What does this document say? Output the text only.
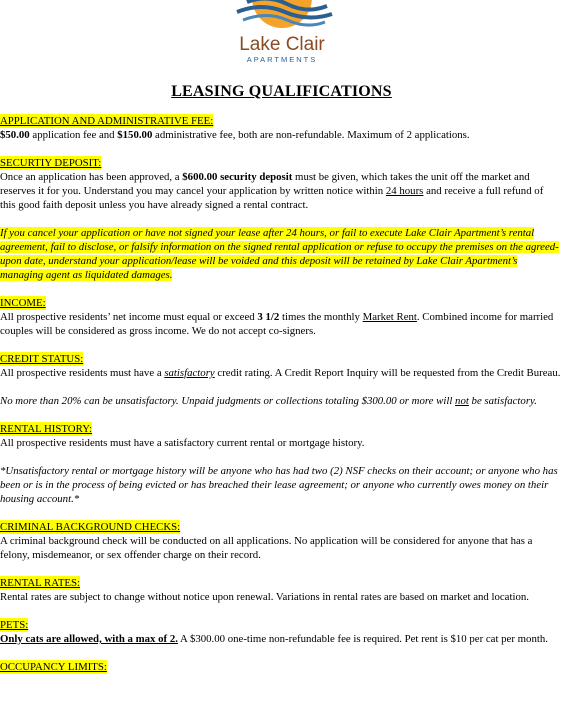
Lake Clair
APARTMENTS
LEASING QUALIFICATIONS
APPLICATION AND ADMINISTRATIVE FEE:

$50.00 application fee and $150.00 administrative fee, both are non-refundable. Maximum of 2 applications.

SECURTIY DEPOSIT:

Once an application has been approved, a $600.00 security deposit must be given, which takes the unit off the market and reserves it for you. Understand you may cancel your application by written notice within 24 hours and receive a full refund of this good faith deposit unless you have already signed a rental contract.

If you cancel your application or have not signed your lease after 24 hours, or fail to execute Lake Clair Apartment’s rental agreement, fail to disclose, or falsify information on the signed rental application or refuse to occupy the premises on the agreed-upon date, understand your application/lease will be voided and this deposit will be retained by Lake Clair Apartment’s managing agent as liquidated damages.

INCOME:

All prospective residents’ net income must equal or exceed 3 1/2 times the monthly Market Rent. Combined income for married couples will be considered as gross income. We do not accept co-signers.

CREDIT STATUS:

All prospective residents must have a satisfactory credit rating. A Credit Report Inquiry will be requested from the Credit Bureau.

No more than 20% can be unsatisfactory. Unpaid judgments or collections totaling $300.00 or more will not be satisfactory.

RENTAL HISTORY:

All prospective residents must have a satisfactory current rental or mortgage history.

*Unsatisfactory rental or mortgage history will be anyone who has had two (2) NSF checks on their account; or anyone who has been or is in the process of being evicted or has breached their lease agreement; or anyone who currently owes money on their housing account.*

CRIMINAL BACKGROUND CHECKS:

A criminal background check will be conducted on all applications. No application will be considered for anyone that has a felony, misdemeanor, or sex offender charge on their record.

RENTAL RATES:

Rental rates are subject to change without notice upon renewal. Variations in rental rates are based on market and location.

PETS:

Only cats are allowed, with a max of 2. A $300.00 one-time non-refundable fee is required. Pet rent is $10 per cat per month.

OCCUPANCY LIMITS:
